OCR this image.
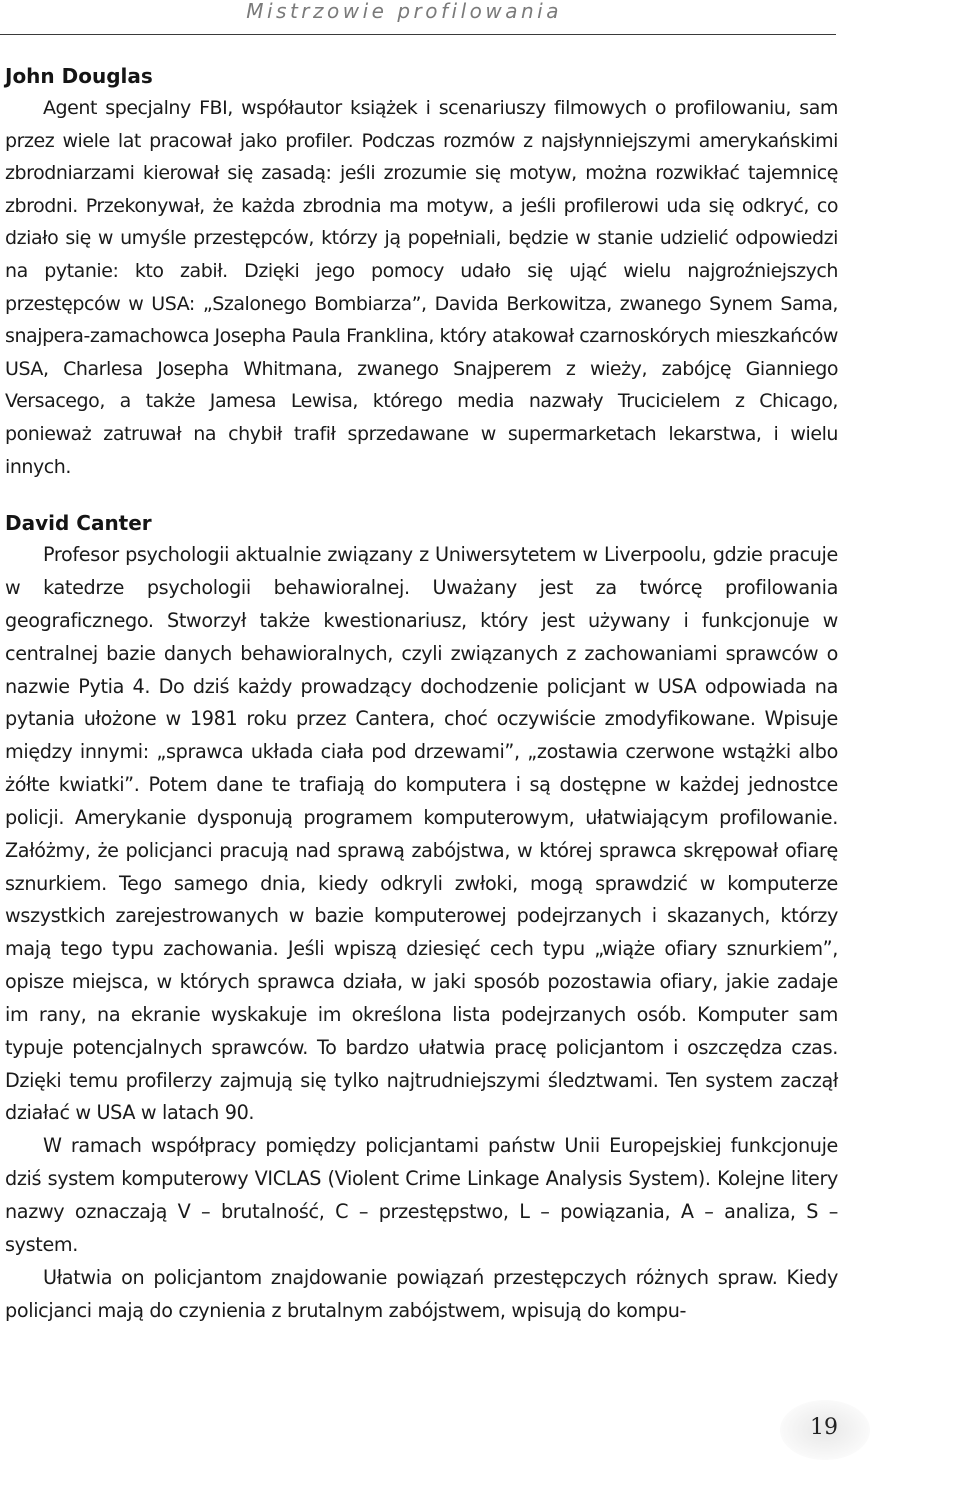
Mistrzowie profilowania
John Douglas

Agent specjalny FBI, współautor książek i scenariuszy filmowych o profilowaniu, sam przez wiele lat pracował jako profiler. Podczas rozmów z najsłynniejszymi amerykańskimi zbrodniarzami kierował się zasadą: jeśli zrozumie się motyw, można rozwikłać tajemnicę zbrodni. Przekonywał, że każda zbrodnia ma motyw, a jeśli profilerowi uda się odkryć, co działo się w umyśle przestępców, którzy ją popełniali, będzie w stanie udzielić odpowiedzi na pytanie: kto zabił. Dzięki jego pomocy udało się ująć wielu najgroźniejszych przestępców w USA: „Szalonego Bombiarza”, Davida Berkowitza, zwanego Synem Sama, snajpera-zamachowca Josepha Paula Franklina, który atakował czarnoskórych mieszkańców USA, Charlesa Josepha Whitmana, zwanego Snajperem z wieży, zabójcę Gianniego Versacego, a także Jamesa Lewisa, którego media nazwały Trucicielem z Chicago, ponieważ zatruwał na chybił trafił sprzedawane w supermarketach lekarstwa, i wielu innych.

David Canter

Profesor psychologii aktualnie związany z Uniwersytetem w Liverpoolu, gdzie pracuje w katedrze psychologii behawioralnej. Uważany jest za twórcę profilowania geograficznego. Stworzył także kwestionariusz, który jest używany i funkcjonuje w centralnej bazie danych behawioralnych, czyli związanych z zachowaniami sprawców o nazwie Pytia 4. Do dziś każdy prowadzący dochodzenie policjant w USA odpowiada na pytania ułożone w 1981 roku przez Cantera, choć oczywiście zmodyfikowane. Wpisuje między innymi: „sprawca układa ciała pod drzewami”, „zostawia czerwone wstążki albo żółte kwiatki”. Potem dane te trafiają do komputera i są dostępne w każdej jednostce policji. Amerykanie dysponują programem komputerowym, ułatwiającym profilowanie. Załóżmy, że policjanci pracują nad sprawą zabójstwa, w której sprawca skrępował ofiarę sznurkiem. Tego samego dnia, kiedy odkryli zwłoki, mogą sprawdzić w komputerze wszystkich zarejestrowanych w bazie komputerowej podejrzanych i skazanych, którzy mają tego typu zachowania. Jeśli wpiszą dziesięć cech typu „wiąże ofiary sznurkiem”, opisze miejsca, w których sprawca działa, w jaki sposób pozostawia ofiary, jakie zadaje im rany, na ekranie wyskakuje im określona lista podejrzanych osób. Komputer sam typuje potencjalnych sprawców. To bardzo ułatwia pracę policjantom i oszczędza czas. Dzięki temu profilerzy zajmują się tylko najtrudniejszymi śledztwami. Ten system zaczął działać w USA w latach 90.

W ramach współpracy pomiędzy policjantami państw Unii Europejskiej funkcjonuje dziś system komputerowy VICLAS (Violent Crime Linkage Analysis System). Kolejne litery nazwy oznaczają V – brutalność, C – przestępstwo, L – powiązania, A – analiza, S – system.

Ułatwia on policjantom znajdowanie powiązań przestępczych różnych spraw. Kiedy policjanci mają do czynienia z brutalnym zabójstwem, wpisują do kompu-

19
